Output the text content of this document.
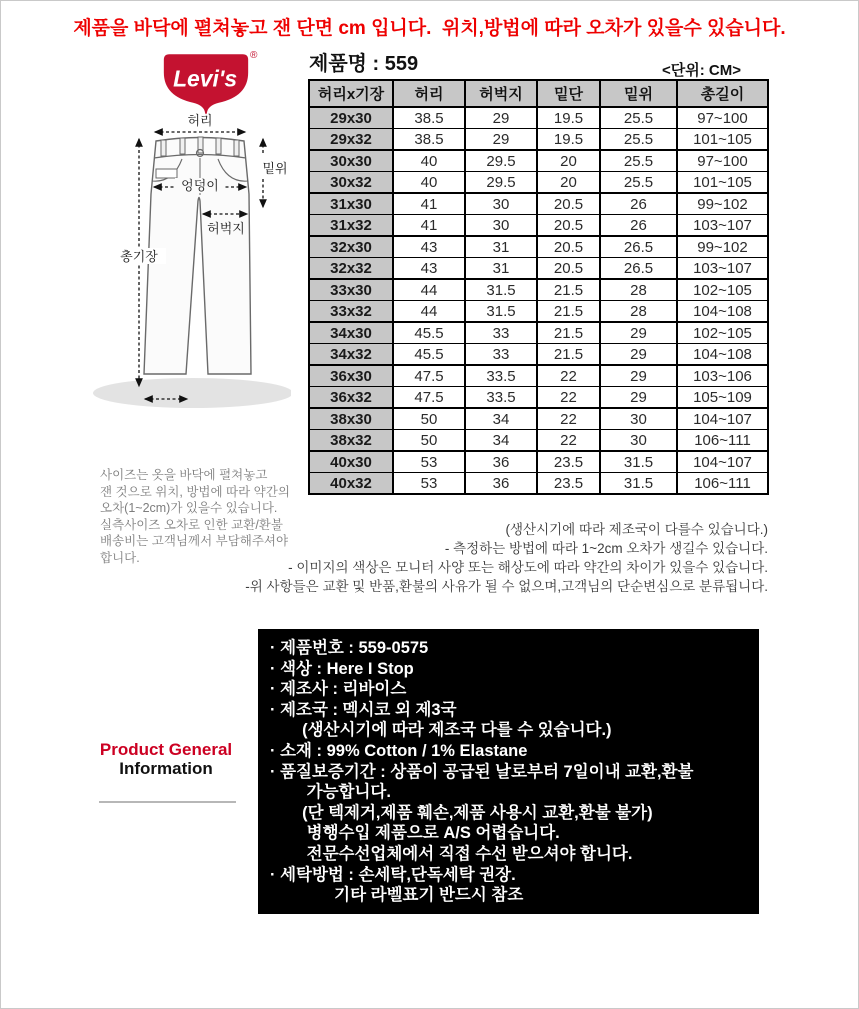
제품을 바닥에 펼쳐놓고 잰 단면 cm 입니다.  위치,방법에 따라 오차가 있을수 있습니다.
Levi's
®
허리
밑위
엉덩이
허벅지
총기장
사이즈는 옷을 바닥에 펼쳐놓고
잰 것으로 위치, 방법에 따라 약간의
오차(1~2cm)가 있을수 있습니다.
실측사이즈 오차로 인한 교환/환불
배송비는 고객님께서 부담해주셔야
합니다.
제품명 : 559	<단위: CM>
허리x기장	허리	허벅지	밑단	밑위	총길이
29x30	38.5	29	19.5	25.5	97~100
29x32	38.5	29	19.5	25.5	101~105
30x30	40	29.5	20	25.5	97~100
30x32	40	29.5	20	25.5	101~105
31x30	41	30	20.5	26	99~102
31x32	41	30	20.5	26	103~107
32x30	43	31	20.5	26.5	99~102
32x32	43	31	20.5	26.5	103~107
33x30	44	31.5	21.5	28	102~105
33x32	44	31.5	21.5	28	104~108
34x30	45.5	33	21.5	29	102~105
34x32	45.5	33	21.5	29	104~108
36x30	47.5	33.5	22	29	103~106
36x32	47.5	33.5	22	29	105~109
38x30	50	34	22	30	104~107
38x32	50	34	22	30	106~111
40x30	53	36	23.5	31.5	104~107
40x32	53	36	23.5	31.5	106~111
(생산시기에 따라 제조국이 다를수 있습니다.)
- 측정하는 방법에 따라 1~2cm 오차가 생길수 있습니다.
- 이미지의 색상은 모니터 사양 또는 해상도에 따라 약간의 차이가 있을수 있습니다.
-위 사항들은 교환 및 반품,환불의 사유가 될 수 없으며,고객님의 단순변심으로 분류됩니다.
Product General
Information
· 제품번호 : 559-0575
· 색상 : Here I Stop
· 제조사 : 리바이스
· 제조국 : 멕시코 외 제3국
(생산시기에 따라 제조국 다를 수 있습니다.)
· 소재 : 99% Cotton / 1% Elastane
· 품질보증기간 : 상품이 공급된 날로부터 7일이내 교환,환불
가능합니다.
(단 텍제거,제품 훼손,제품 사용시 교환,환불 불가)
병행수입 제품으로 A/S 어렵습니다.
전문수선업체에서 직접 수선 받으셔야 합니다.
· 세탁방법 : 손세탁,단독세탁 권장.
기타 라벨표기 반드시 참조
